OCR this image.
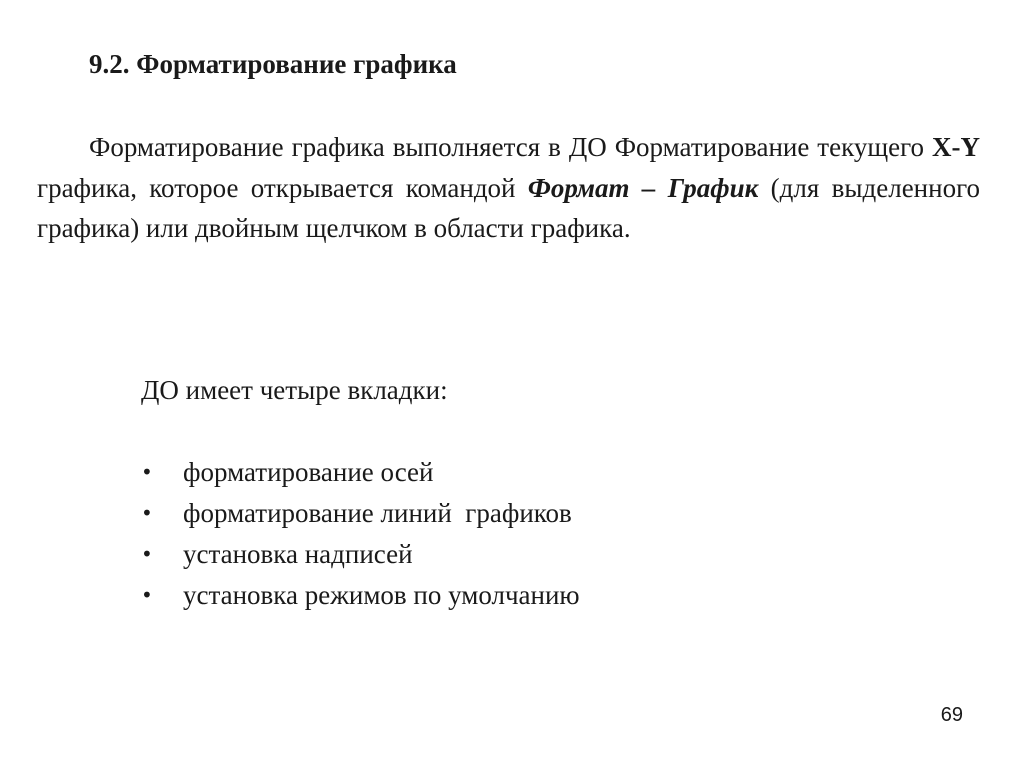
9.2. Форматирование графика

Форматирование графика выполняется в ДО Форматирование текущего X-Y графика, которое открывается командой Формат – График (для выделенного графика) или двойным щелчком в области графика.

ДО имеет четыре вкладки:

• форматирование осей
• форматирование линий  графиков
• установка надписей
• установка режимов по умолчанию
69
